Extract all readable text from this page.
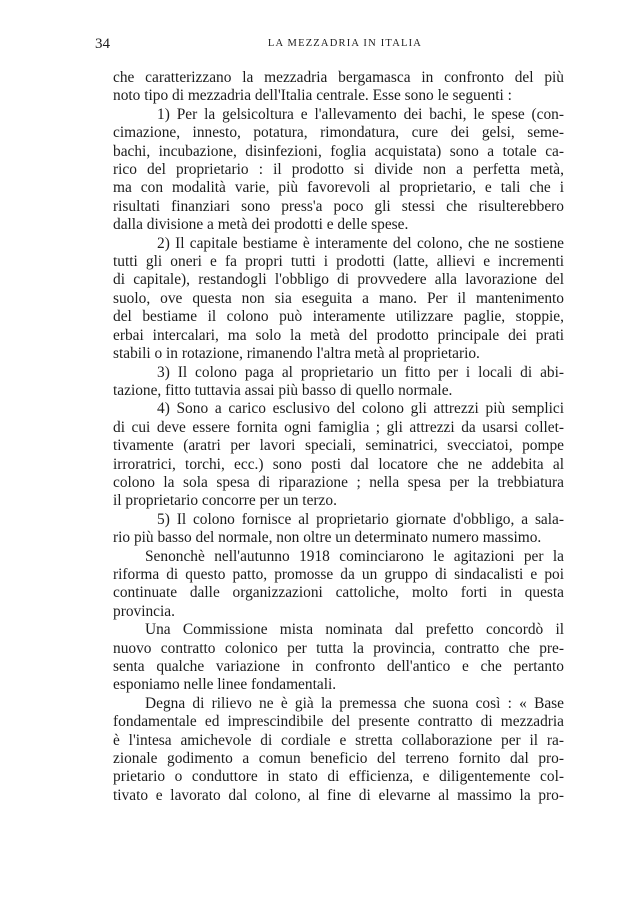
34	LA MEZZADRIA IN ITALIA
che caratterizzano la mezzadria bergamasca in confronto del più
noto tipo di mezzadria dell'Italia centrale. Esse sono le seguenti :
1) Per la gelsicoltura e l'allevamento dei bachi, le spese (con-
cimazione, innesto, potatura, rimondatura, cure dei gelsi, seme-
bachi, incubazione, disinfezioni, foglia acquistata) sono a totale ca-
rico del proprietario : il prodotto si divide non a perfetta metà,
ma con modalità varie, più favorevoli al proprietario, e tali che i
risultati finanziari sono press'a poco gli stessi che risulterebbero
dalla divisione a metà dei prodotti e delle spese.
2) Il capitale bestiame è interamente del colono, che ne sostiene
tutti gli oneri e fa propri tutti i prodotti (latte, allievi e incrementi
di capitale), restandogli l'obbligo di provvedere alla lavorazione del
suolo, ove questa non sia eseguita a mano. Per il mantenimento
del bestiame il colono può interamente utilizzare paglie, stoppie,
erbai intercalari, ma solo la metà del prodotto principale dei prati
stabili o in rotazione, rimanendo l'altra metà al proprietario.
3) Il colono paga al proprietario un fitto per i locali di abi-
tazione, fitto tuttavia assai più basso di quello normale.
4) Sono a carico esclusivo del colono gli attrezzi più semplici
di cui deve essere fornita ogni famiglia ; gli attrezzi da usarsi collet-
tivamente (aratri per lavori speciali, seminatrici, svecciatoi, pompe
irroratrici, torchi, ecc.) sono posti dal locatore che ne addebita al
colono la sola spesa di riparazione ; nella spesa per la trebbiatura
il proprietario concorre per un terzo.
5) Il colono fornisce al proprietario giornate d'obbligo, a sala-
rio più basso del normale, non oltre un determinato numero massimo.
Senonchè nell'autunno 1918 cominciarono le agitazioni per la
riforma di questo patto, promosse da un gruppo di sindacalisti e poi
continuate dalle organizzazioni cattoliche, molto forti in questa
provincia.
Una Commissione mista nominata dal prefetto concordò il
nuovo contratto colonico per tutta la provincia, contratto che pre-
senta qualche variazione in confronto dell'antico e che pertanto
esponiamo nelle linee fondamentali.
Degna di rilievo ne è già la premessa che suona così : « Base
fondamentale ed imprescindibile del presente contratto di mezzadria
è l'intesa amichevole di cordiale e stretta collaborazione per il ra-
zionale godimento a comun beneficio del terreno fornito dal pro-
prietario o conduttore in stato di efficienza, e diligentemente col-
tivato e lavorato dal colono, al fine di elevarne al massimo la pro-
